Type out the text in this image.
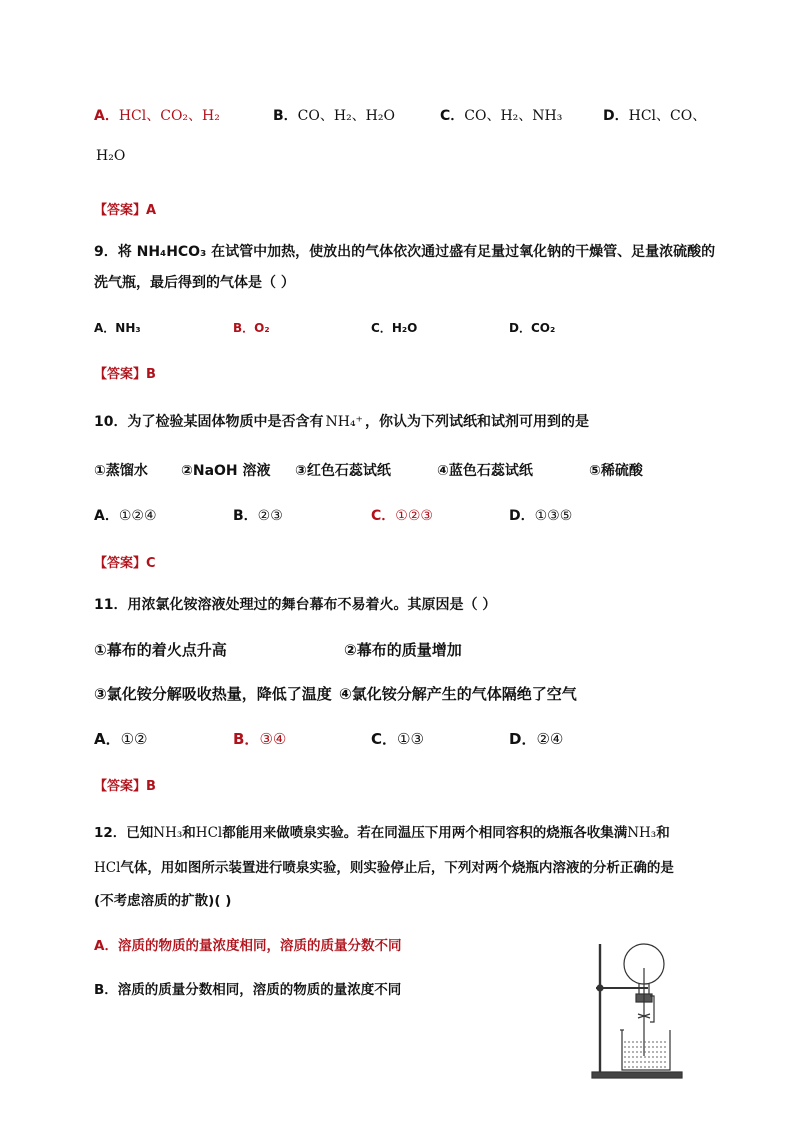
A．HCl、CO₂、H₂	B．CO、H₂、H₂O	C．CO、H₂、NH₃	D．HCl、CO、
H₂O
【答案】A
9．将 NH₄HCO₃ 在试管中加热，使放出的气体依次通过盛有足量过氧化钠的干燥管、足量浓硫酸的
洗气瓶，最后得到的气体是（ ）
A．NH₃	B．O₂	C．H₂O	D．CO₂
【答案】B
10．为了检验某固体物质中是否含有 NH₄⁺ ，你认为下列试纸和试剂可用到的是
①蒸馏水 ②NaOH 溶液 ③红色石蕊试纸	④蓝色石蕊试纸	⑤稀硫酸
A．①②④	B．②③	C．①②③	D．①③⑤
【答案】C
11．用浓氯化铵溶液处理过的舞台幕布不易着火。其原因是（ ）
①幕布的着火点升高	②幕布的质量增加
③氯化铵分解吸收热量，降低了温度 ④氯化铵分解产生的气体隔绝了空气
A．①②	B．③④	C．①③	D．②④
【答案】B
12．已知NH₃和HCl都能用来做喷泉实验。若在同温压下用两个相同容积的烧瓶各收集满NH₃和
HCl气体，用如图所示装置进行喷泉实验，则实验停止后，下列对两个烧瓶内溶液的分析正确的是
(不考虑溶质的扩散)( )
A．溶质的物质的量浓度相同，溶质的质量分数不同
B．溶质的质量分数相同，溶质的物质的量浓度不同
